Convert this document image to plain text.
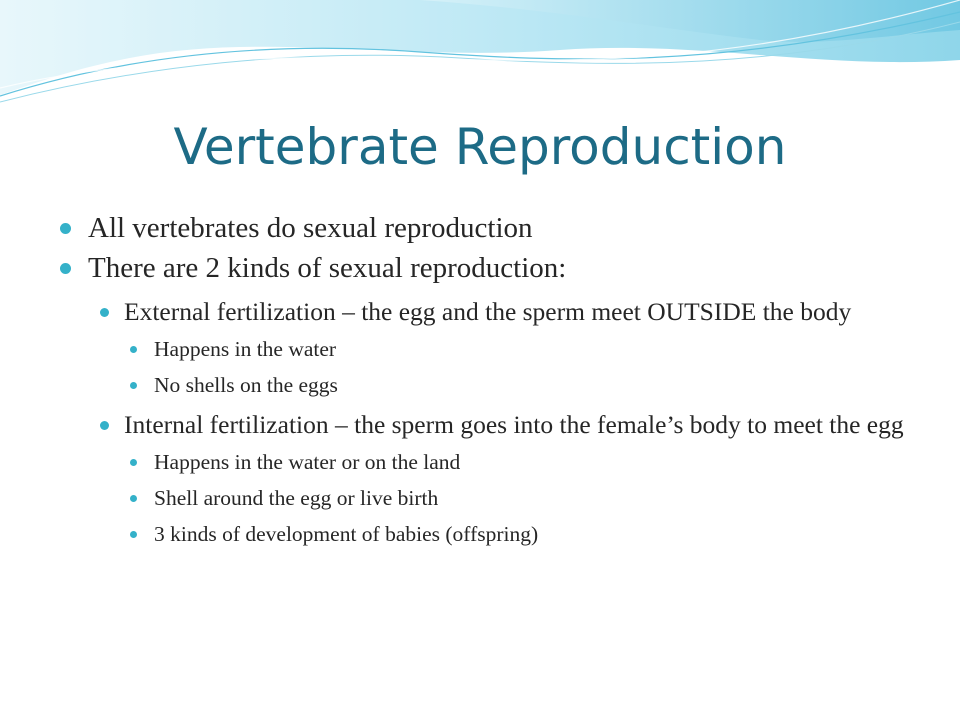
Vertebrate Reproduction
All vertebrates do sexual reproduction
There are 2 kinds of sexual reproduction:
External fertilization – the egg and the sperm meet OUTSIDE the body
Happens in the water
No shells on the eggs
Internal fertilization – the sperm goes into the female’s body to meet the egg
Happens in the water or on the land
Shell around the egg or live birth
3 kinds of development of babies (offspring)
